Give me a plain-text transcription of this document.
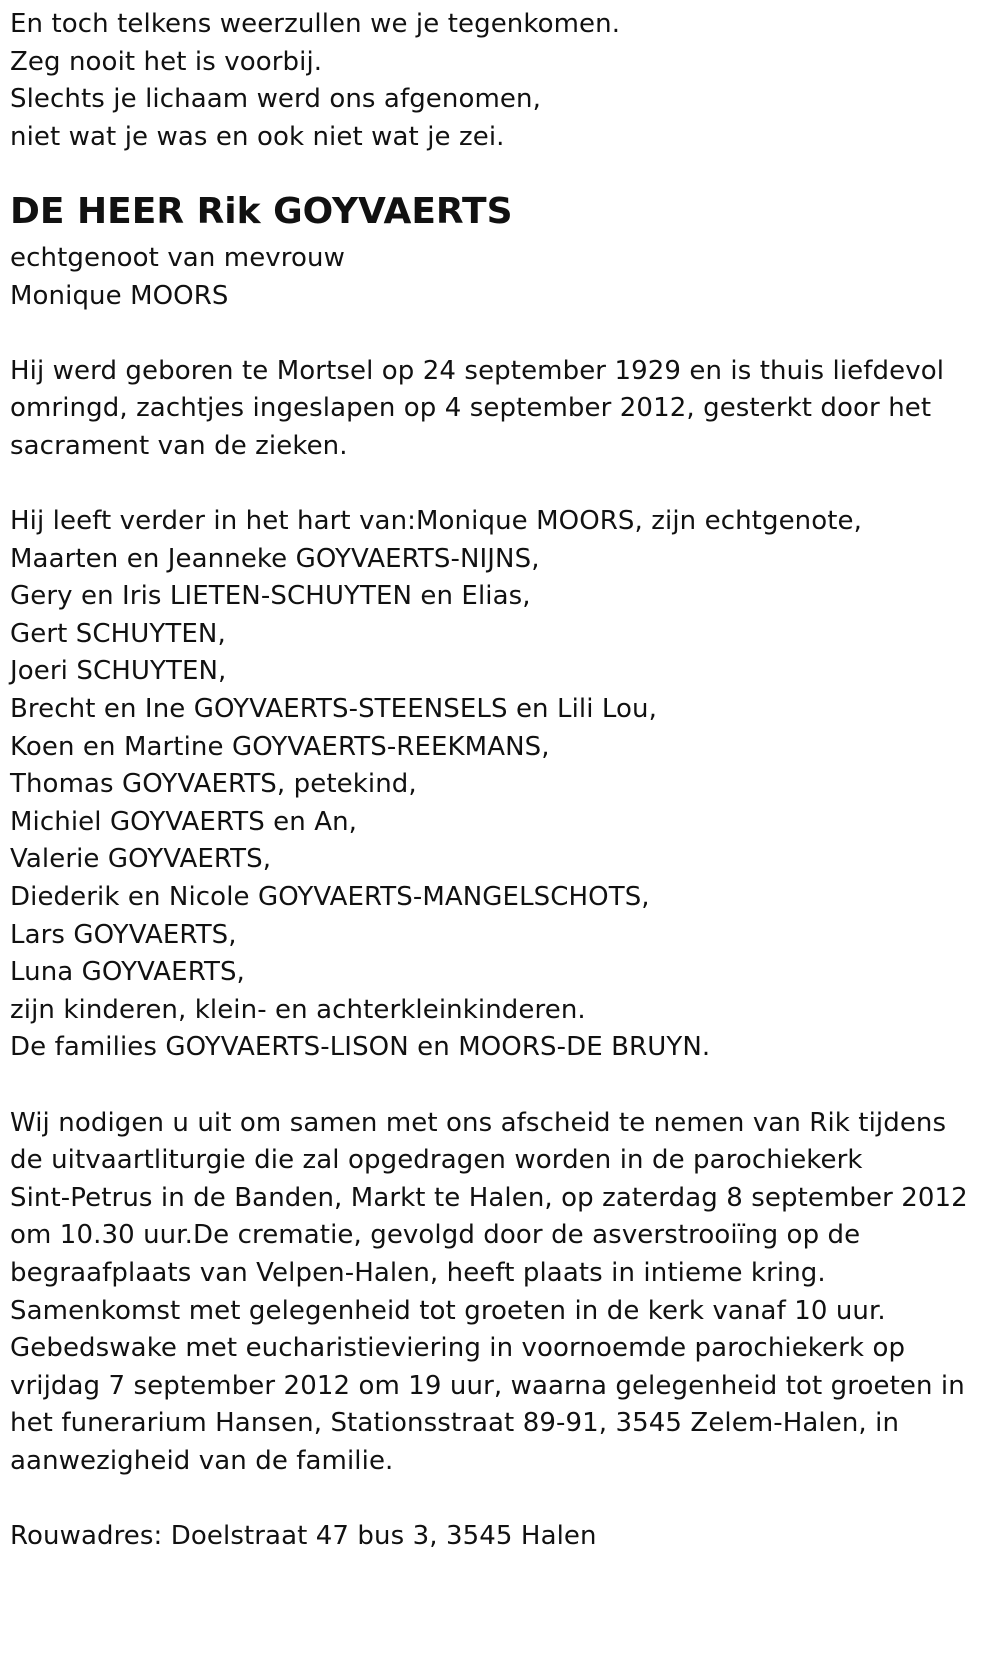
En toch telkens weerzullen we je tegenkomen.
Zeg nooit het is voorbij.
Slechts je lichaam werd ons afgenomen,
niet wat je was en ook niet wat je zei.
DE HEER Rik GOYVAERTS
echtgenoot van mevrouw
Monique MOORS
Hij werd geboren te Mortsel op 24 september 1929 en is thuis liefdevol
omringd, zachtjes ingeslapen op 4 september 2012, gesterkt door het
sacrament van de zieken.
Hij leeft verder in het hart van:Monique MOORS, zijn echtgenote,
Maarten en Jeanneke GOYVAERTS-NIJNS,
Gery en Iris LIETEN-SCHUYTEN en Elias,
Gert SCHUYTEN,
Joeri SCHUYTEN,
Brecht en Ine GOYVAERTS-STEENSELS en Lili Lou,
Koen en Martine GOYVAERTS-REEKMANS,
Thomas GOYVAERTS, petekind,
Michiel GOYVAERTS en An,
Valerie GOYVAERTS,
Diederik en Nicole GOYVAERTS-MANGELSCHOTS,
Lars GOYVAERTS,
Luna GOYVAERTS,
zijn kinderen, klein- en achterkleinkinderen.
De families GOYVAERTS-LISON en MOORS-DE BRUYN.
Wij nodigen u uit om samen met ons afscheid te nemen van Rik tijdens
de uitvaartliturgie die zal opgedragen worden in de parochiekerk
Sint-Petrus in de Banden, Markt te Halen, op zaterdag 8 september 2012
om 10.30 uur.De crematie, gevolgd door de asverstrooiïng op de
begraafplaats van Velpen-Halen, heeft plaats in intieme kring.
Samenkomst met gelegenheid tot groeten in de kerk vanaf 10 uur.
Gebedswake met eucharistieviering in voornoemde parochiekerk op
vrijdag 7 september 2012 om 19 uur, waarna gelegenheid tot groeten in
het funerarium Hansen, Stationsstraat 89-91, 3545 Zelem-Halen, in
aanwezigheid van de familie.
Rouwadres: Doelstraat 47 bus 3, 3545 Halen
